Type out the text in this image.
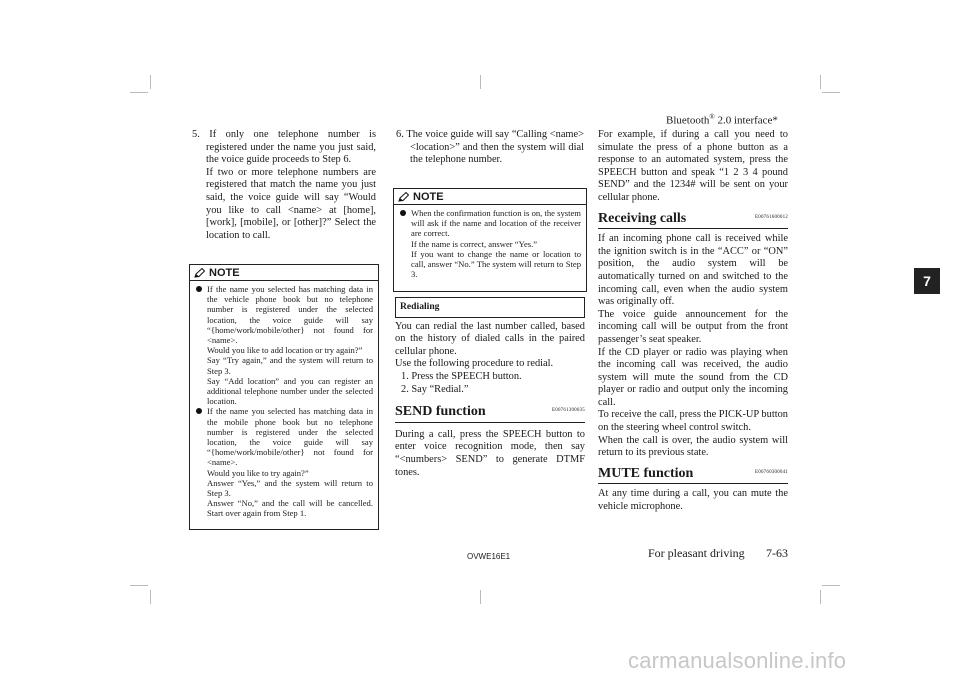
Bluetooth® 2.0 interface*
5. If only one telephone number is registered under the name you just said, the voice guide proceeds to Step 6.
If two or more telephone numbers are registered that match the name you just said, the voice guide will say “Would you like to call <name> at [home], [work], [mobile], or [other]?” Select the location to call.
NOTE
If the name you selected has matching data in the vehicle phone book but no telephone number is registered under the selected location, the voice guide will say “{home/work/mobile/other} not found for <name>.
Would you like to add location or try again?”
Say “Try again,” and the system will return to Step 3.
Say “Add location” and you can register an additional telephone number under the selected location.
If the name you selected has matching data in the mobile phone book but no telephone number is registered under the selected location, the voice guide will say “{home/work/mobile/other} not found for <name>.
Would you like to try again?”
Answer “Yes,” and the system will return to Step 3.
Answer “No,” and the call will be cancelled. Start over again from Step 1.
6. The voice guide will say “Calling <name> <location>” and then the system will dial the telephone number.
NOTE
When the confirmation function is on, the system will ask if the name and location of the receiver are correct.
If the name is correct, answer “Yes.”
If you want to change the name or location to call, answer “No.” The system will return to Step 3.
Redialing
You can redial the last number called, based on the history of dialed calls in the paired cellular phone.
Use the following procedure to redial.
1. Press the SPEECH button.
2. Say “Redial.”
SEND function	E00761300035
During a call, press the SPEECH button to enter voice recognition mode, then say “<numbers> SEND” to generate DTMF tones.
For example, if during a call you need to simulate the press of a phone button as a response to an automated system, press the SPEECH button and speak “1 2 3 4 pound SEND” and the 1234# will be sent on your cellular phone.
Receiving calls	E00761600012
If an incoming phone call is received while the ignition switch is in the “ACC” or “ON” position, the audio system will be automatically turned on and switched to the incoming call, even when the audio system was originally off.
The voice guide announcement for the incoming call will be output from the front passenger’s seat speaker.
If the CD player or radio was playing when the incoming call was received, the audio system will mute the sound from the CD player or radio and output only the incoming call.
To receive the call, press the PICK-UP button on the steering wheel control switch.
When the call is over, the audio system will return to its previous state.
MUTE function	E00760300041
At any time during a call, you can mute the vehicle microphone.
7
OVWE16E1	For pleasant driving 7-63
carmanualsonline.info
